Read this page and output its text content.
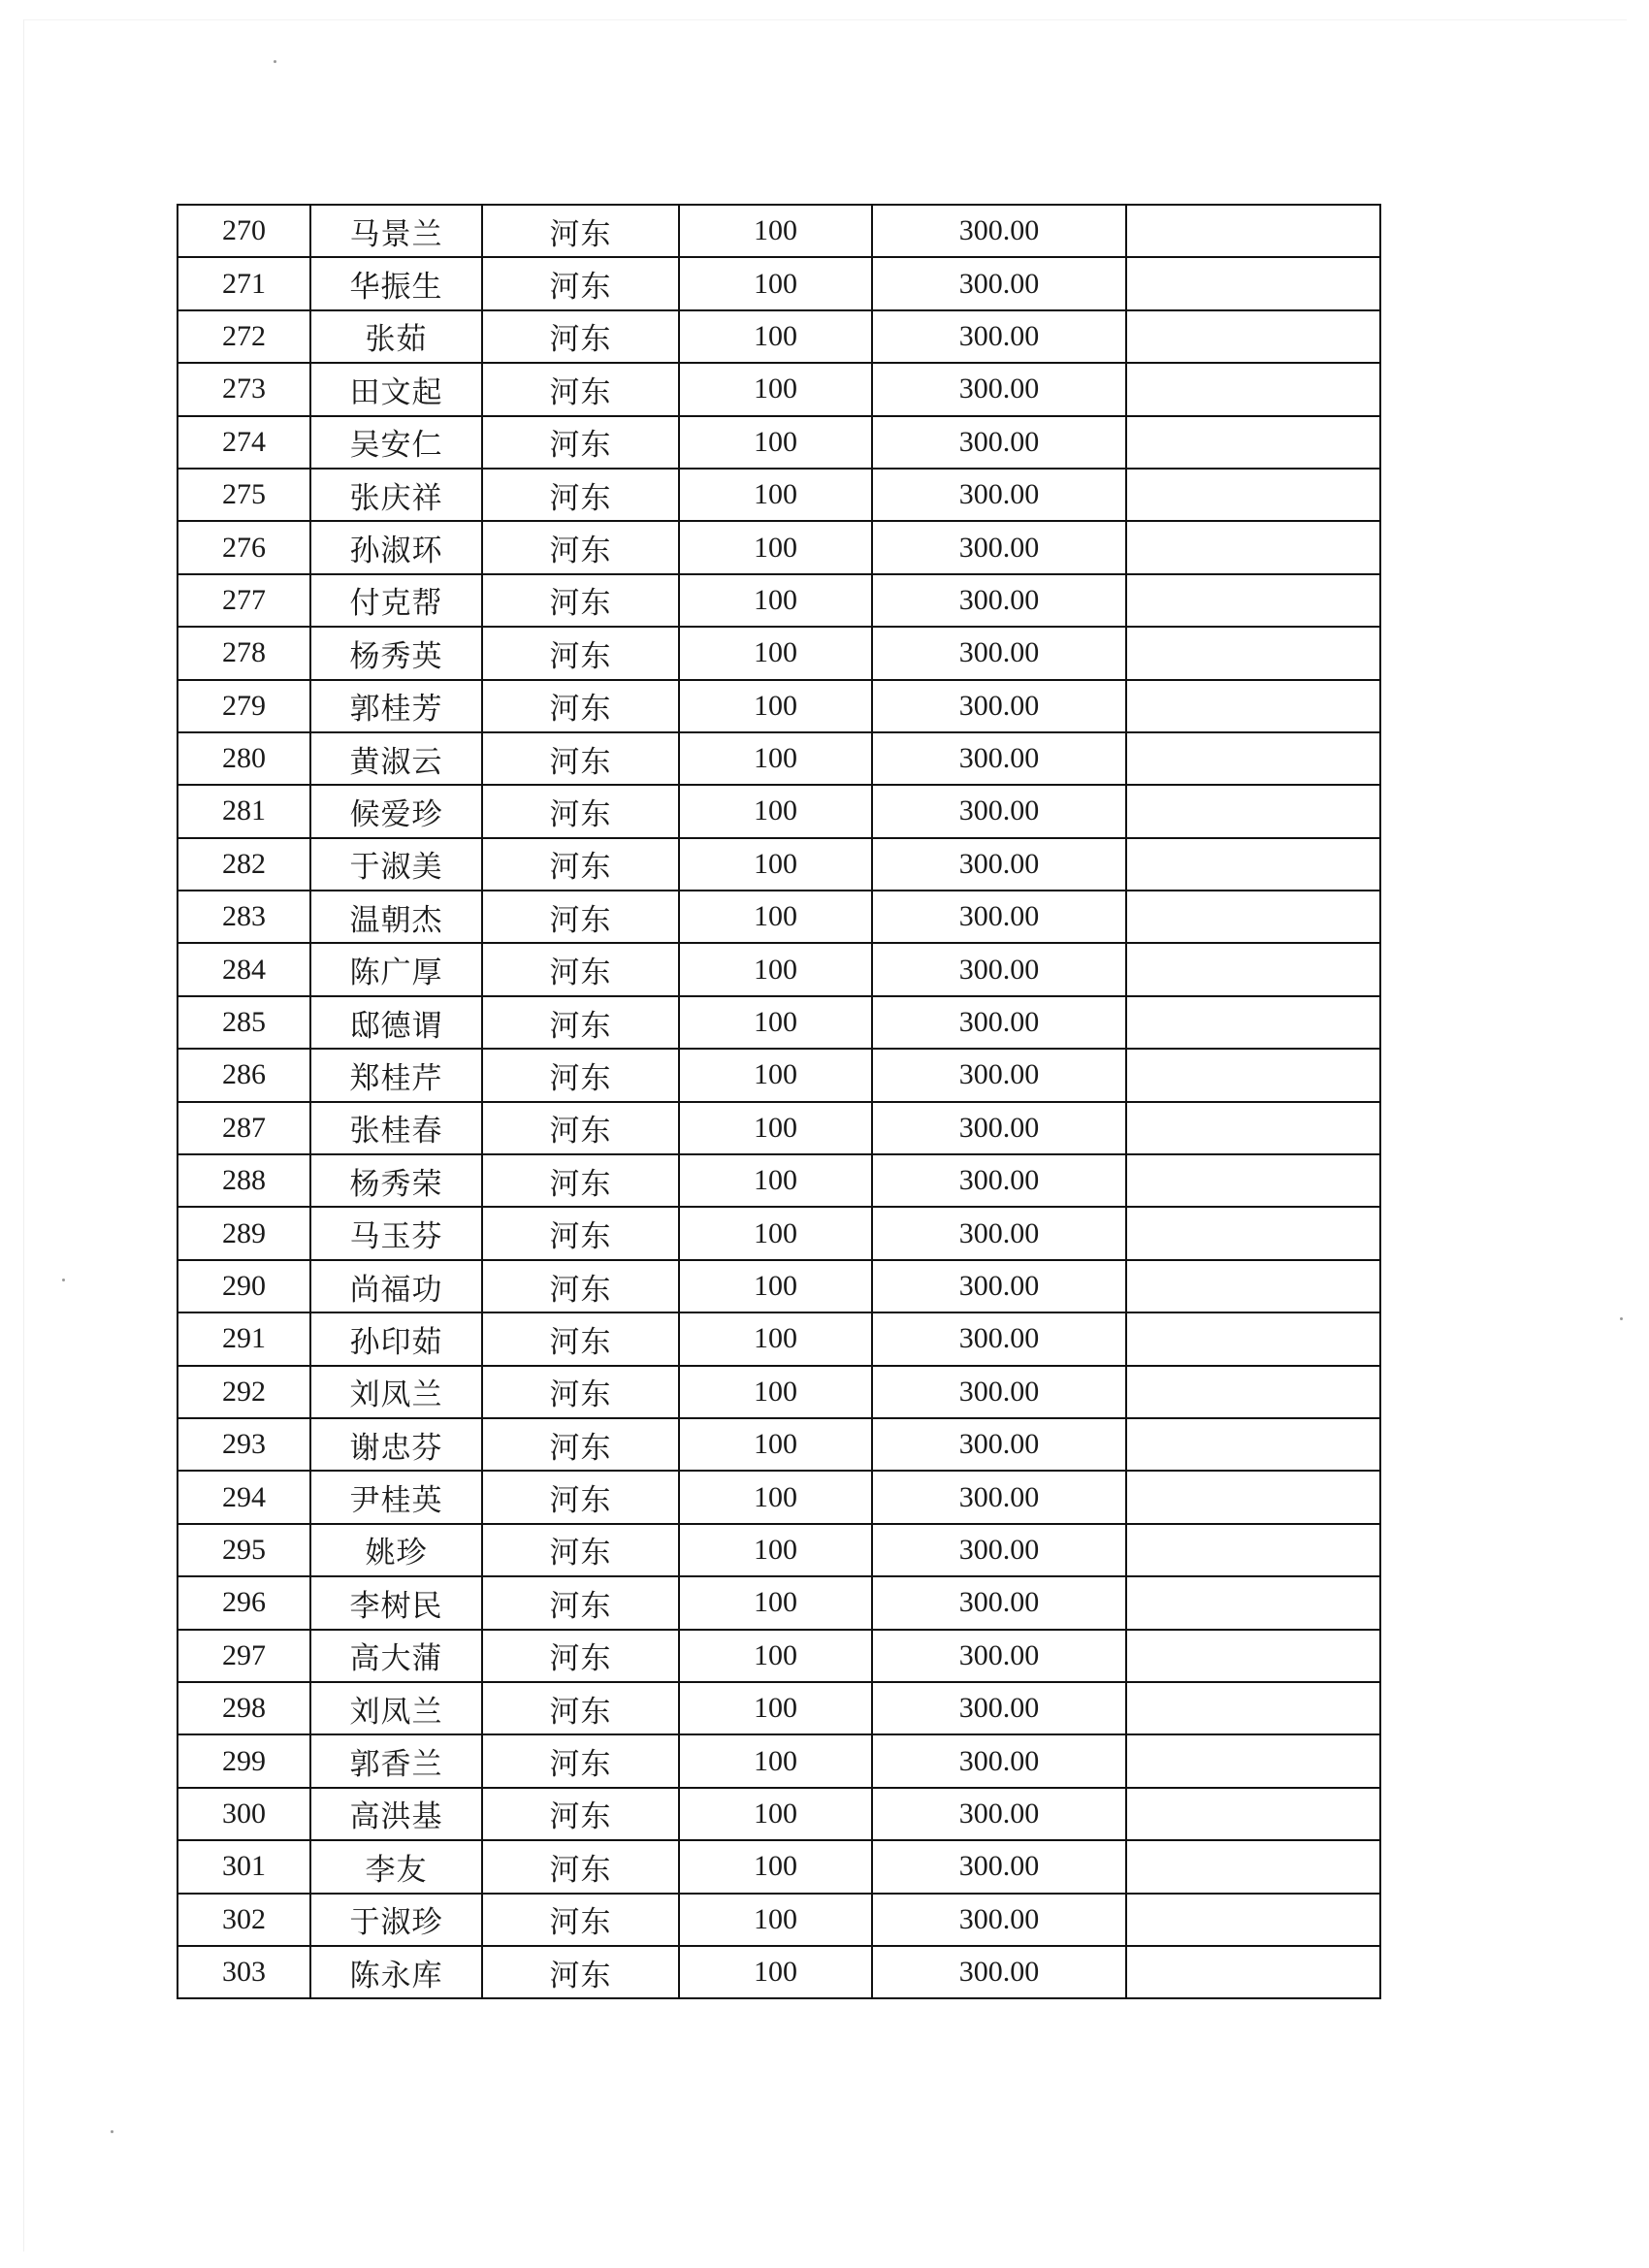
270	马景兰	河东	100	300.00	
271	华振生	河东	100	300.00	
272	张茹	河东	100	300.00	
273	田文起	河东	100	300.00	
274	吴安仁	河东	100	300.00	
275	张庆祥	河东	100	300.00	
276	孙淑环	河东	100	300.00	
277	付克帮	河东	100	300.00	
278	杨秀英	河东	100	300.00	
279	郭桂芳	河东	100	300.00	
280	黄淑云	河东	100	300.00	
281	候爱珍	河东	100	300.00	
282	于淑美	河东	100	300.00	
283	温朝杰	河东	100	300.00	
284	陈广厚	河东	100	300.00	
285	邸德谓	河东	100	300.00	
286	郑桂芹	河东	100	300.00	
287	张桂春	河东	100	300.00	
288	杨秀荣	河东	100	300.00	
289	马玉芬	河东	100	300.00	
290	尚福功	河东	100	300.00	
291	孙印茹	河东	100	300.00	
292	刘凤兰	河东	100	300.00	
293	谢忠芬	河东	100	300.00	
294	尹桂英	河东	100	300.00	
295	姚珍	河东	100	300.00	
296	李树民	河东	100	300.00	
297	高大蒲	河东	100	300.00	
298	刘凤兰	河东	100	300.00	
299	郭香兰	河东	100	300.00	
300	高洪基	河东	100	300.00	
301	李友	河东	100	300.00	
302	于淑珍	河东	100	300.00	
303	陈永库	河东	100	300.00	
